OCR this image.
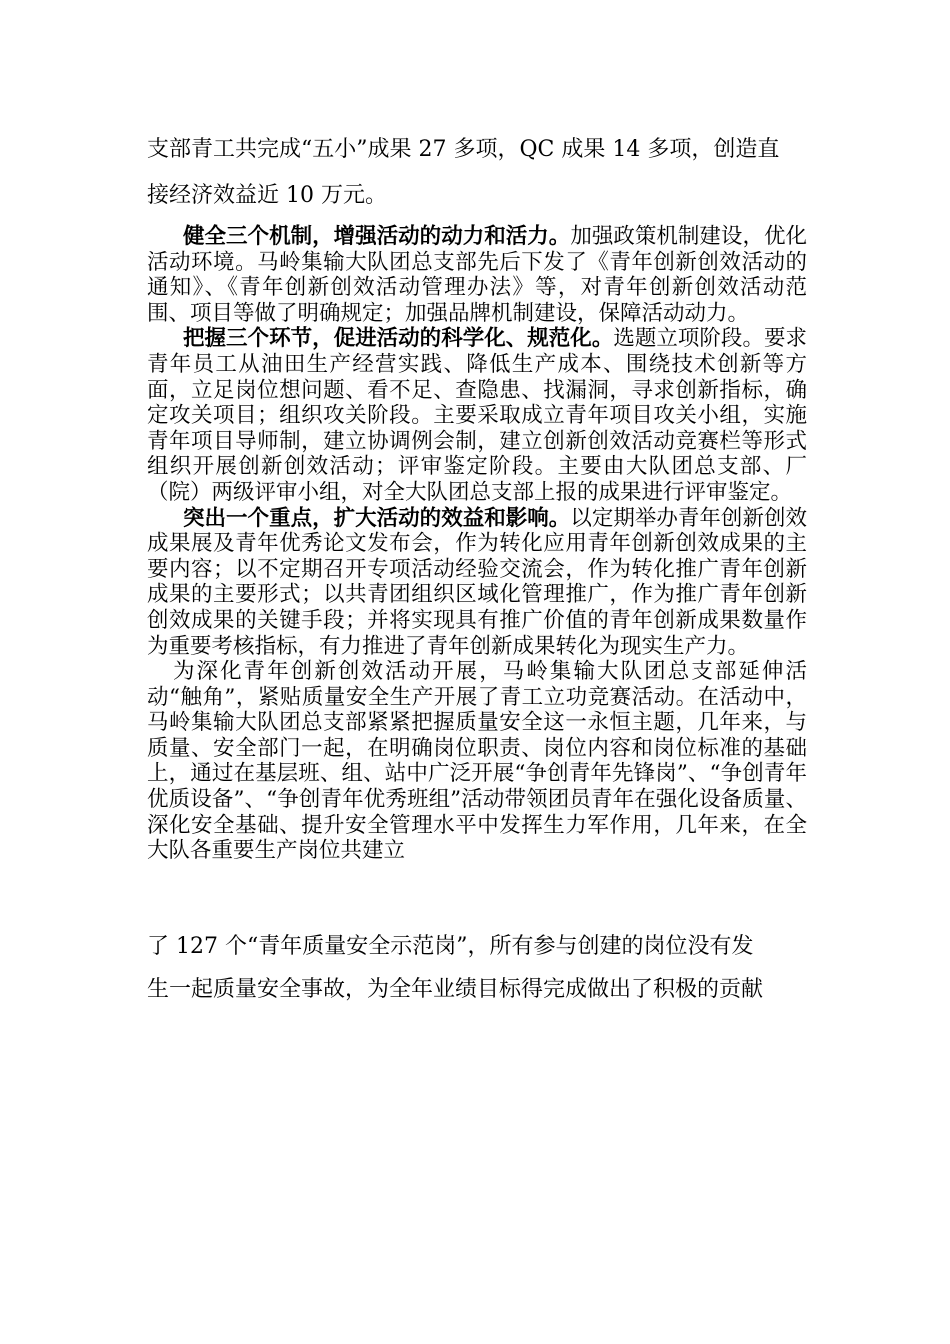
支部青工共完成“五小”成果 27 多项，QC 成果 14 多项，创造直

接经济效益近 10 万元。

健全三个机制，增强活动的动力和活力。加强政策机制建设，优化活动环境。马岭集输大队团总支部先后下发了《青年创新创效活动的通知》、《青年创新创效活动管理办法》等，对青年创新创效活动范围、项目等做了明确规定；加强品牌机制建设，保障活动动力。

把握三个环节，促进活动的科学化、规范化。选题立项阶段。要求青年员工从油田生产经营实践、降低生产成本、围绕技术创新等方面，立足岗位想问题、看不足、查隐患、找漏洞，寻求创新指标，确定攻关项目；组织攻关阶段。主要采取成立青年项目攻关小组，实施青年项目导师制，建立协调例会制，建立创新创效活动竞赛栏等形式组织开展创新创效活动；评审鉴定阶段。主要由大队团总支部、厂（院）两级评审小组，对全大队团总支部上报的成果进行评审鉴定。

突出一个重点，扩大活动的效益和影响。以定期举办青年创新创效成果展及青年优秀论文发布会，作为转化应用青年创新创效成果的主要内容；以不定期召开专项活动经验交流会，作为转化推广青年创新成果的主要形式；以共青团组织区域化管理推广，作为推广青年创新创效成果的关键手段；并将实现具有推广价值的青年创新成果数量作为重要考核指标，有力推进了青年创新成果转化为现实生产力。

为深化青年创新创效活动开展，马岭集输大队团总支部延伸活动“触角”，紧贴质量安全生产开展了青工立功竞赛活动。在活动中，马岭集输大队团总支部紧紧把握质量安全这一永恒主题，几年来，与质量、安全部门一起，在明确岗位职责、岗位内容和岗位标准的基础上，通过在基层班、组、站中广泛开展“争创青年先锋岗”、“争创青年优质设备”、“争创青年优秀班组”活动带领团员青年在强化设备质量、深化安全基础、提升安全管理水平中发挥生力军作用，几年来，在全大队各重要生产岗位共建立

了 127 个“青年质量安全示范岗”，所有参与创建的岗位没有发

生一起质量安全事故，为全年业绩目标得完成做出了积极的贡献
